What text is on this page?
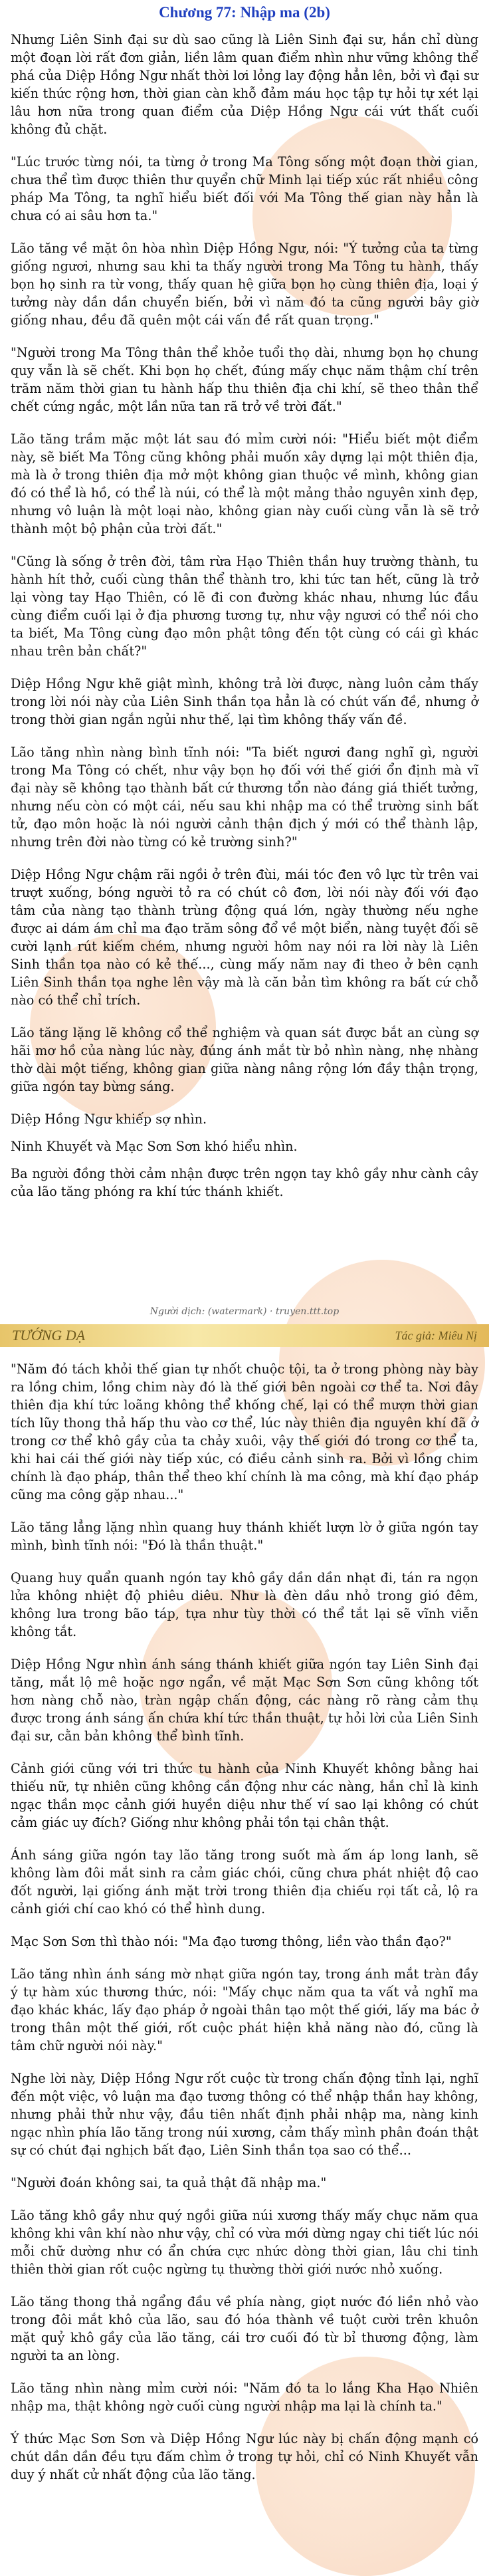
Chương 77: Nhập ma (2b)

Nhưng Liên Sinh đại sư dù sao cũng là Liên Sinh đại sư, hắn chỉ dùng một đoạn lời rất đơn giản, liền lâm quan điểm nhìn như vững không thể phá của Diệp Hồng Ngư nhất thời lơi lỏng lay động hẳn lên, bởi vì đại sư kiến thức rộng hơn, thời gian càn khỗ đảm máu học tập tự hỏi tự xét lại lâu hơn nữa trong quan điểm của Diệp Hồng Ngư cái vứt thất cuối không đủ chặt.

"Lúc trước từng nói, ta từng ở trong Ma Tông sống một đoạn thời gian, chưa thể tìm được thiên thư quyển chữ Minh lại tiếp xúc rất nhiều công pháp Ma Tông, ta nghĩ hiểu biết đối với Ma Tông thế gian này hẳn là chưa có ai sâu hơn ta."

Lão tăng về mặt ôn hòa nhìn Diệp Hồng Ngư, nói: "Ý tưởng của ta từng giống ngươi, nhưng sau khi ta thấy người trong Ma Tông tu hành, thấy bọn họ sinh ra từ vong, thấy quan hệ giữa bọn họ cùng thiên địa, loại ý tưởng này dần dần chuyển biến, bởi vì năm đó ta cũng người bây giờ giống nhau, đều đã quên một cái vấn đề rất quan trọng."

"Người trong Ma Tông thân thể khỏe tuổi thọ dài, nhưng bọn họ chung quy vẫn là sẽ chết. Khi bọn họ chết, đúng mấy chục năm thậm chí trên trăm năm thời gian tu hành hấp thu thiên địa chi khí, sẽ theo thân thể chết cứng ngắc, một lần nữa tan rã trở về trời đất."

Lão tăng trầm mặc một lát sau đó mỉm cười nói: "Hiểu biết một điểm này, sẽ biết Ma Tông cũng không phải muốn xây dựng lại một thiên địa, mà là ở trong thiên địa mở một không gian thuộc về mình, không gian đó có thể là hồ, có thể là núi, có thể là một mảng thảo nguyên xinh đẹp, nhưng vô luận là một loại nào, không gian này cuối cùng vẫn là sẽ trở thành một bộ phận của trời đất."

"Cũng là sống ở trên đời, tâm rừa Hạo Thiên thần huy trường thành, tu hành hít thở, cuối cùng thân thể thành tro, khi tức tan hết, cũng là trở lại vòng tay Hạo Thiên, có lẽ đi con đường khác nhau, nhưng lúc đầu cùng điểm cuối lại ở địa phương tương tự, như vậy ngươi có thể nói cho ta biết, Ma Tông cùng đạo môn phật tông đến tột cùng có cái gì khác nhau trên bản chất?"

Diệp Hồng Ngư khẽ giật mình, không trả lời được, nàng luôn cảm thấy trong lời nói này của Liên Sinh thần tọa hẳn là có chút vấn đề, nhưng ở trong thời gian ngắn ngủi như thế, lại tìm không thấy vấn đề.

Lão tăng nhìn nàng bình tĩnh nói: "Ta biết ngươi đang nghĩ gì, người trong Ma Tông có chết, như vậy bọn họ đối với thế giới ổn định mà vĩ đại này sẽ không tạo thành bất cứ thương tổn nào đáng giá thiết tưởng, nhưng nếu còn có một cái, nếu sau khi nhập ma có thể trường sinh bất tử, đạo môn hoặc là nói người cảnh thận địch ý mới có thể thành lập, nhưng trên đời nào từng có kẻ trường sinh?"

Diệp Hồng Ngư chậm rãi ngồi ở trên đùi, mái tóc đen vô lực từ trên vai trượt xuống, bóng người tỏ ra có chút cô đơn, lời nói này đối với đạo tâm của nàng tạo thành trùng động quá lớn, ngày thường nếu nghe được ai dám ám chỉ ma đạo trăm sông đổ về một biển, nàng tuyệt đối sẽ cười lạnh rút kiếm chém, nhưng người hôm nay nói ra lời này là Liên Sinh thần tọa nào có kẻ thế..., cùng mấy năm nay đi theo ở bên cạnh Liên Sinh thần tọa nghe lên vậy mà là căn bản tìm không ra bất cứ chỗ nào có thể chỉ trích.

Lão tăng lặng lẽ không cổ thể nghiệm và quan sát được bắt an cùng sợ hãi mơ hồ của nàng lúc này, đúng ánh mắt từ bỏ nhìn nàng, nhẹ nhàng thờ dài một tiếng, không gian giữa nàng nâng rộng lớn đầy thận trọng, giữa ngón tay bừng sáng.

Diệp Hồng Ngư khiếp sợ nhìn.

Ninh Khuyết và Mạc Sơn Sơn khó hiểu nhìn.

Ba người đồng thời cảm nhận được trên ngọn tay khô gầy như cành cây của lão tăng phóng ra khí tức thánh khiết.

Người dịch: (watermark) · truyen.ttt.top
TƯỚNG DẠ	Tác giả: Miêu Nị

"Năm đó tách khỏi thế gian tự nhốt chuộc tội, ta ở trong phòng này bày ra lồng chim, lồng chim này đó là thế giới bên ngoài cơ thể ta. Nơi đây thiên địa khí tức loãng không thể khống chế, lại có thể mượn thời gian tích lũy thong thả hấp thu vào cơ thể, lúc này thiên địa nguyên khí đã ở trong cơ thể khô gầy của ta chảy xuôi, vậy thế giới đó trong cơ thể ta, khi hai cái thế giới này tiếp xúc, có điều cảnh sinh ra. Bởi vì lồng chim chính là đạo pháp, thân thể theo khí chính là ma công, mà khí đạo pháp cũng ma công gặp nhau..."

Lão tăng lẳng lặng nhìn quang huy thánh khiết lượn lờ ở giữa ngón tay mình, bình tĩnh nói: "Đó là thần thuật."

Quang huy quẩn quanh ngón tay khô gầy dần dần nhạt đi, tán ra ngọn lửa không nhiệt độ phiêu diêu. Như là đèn dầu nhỏ trong gió đêm, không lưa trong bão táp, tựa như tùy thời có thể tắt lại sẽ vĩnh viễn không tắt.

Diệp Hồng Ngư nhìn ánh sáng thánh khiết giữa ngón tay Liên Sinh đại tăng, mắt lộ mê hoặc ngơ ngẩn, về mặt Mạc Sơn Sơn cũng không tốt hơn nàng chỗ nào, tràn ngập chấn động, các nàng rõ ràng cảm thụ được trong ánh sáng ấn chứa khí tức thần thuật, tự hỏi lời của Liên Sinh đại sư, cằn bản không thể bình tĩnh.

Cảnh giới cũng với tri thức tu hành của Ninh Khuyết không bằng hai thiếu nữ, tự nhiên cũng không cần động như các nàng, hắn chỉ là kinh ngạc thần mọc cảnh giới huyền diệu như thế ví sao lại không có chút cảm giác uy đích? Giống như không phải tồn tại chân thật.

Ánh sáng giữa ngón tay lão tăng trong suốt mà ấm áp long lanh, sẽ không làm đôi mắt sinh ra cảm giác chói, cũng chưa phát nhiệt độ cao đốt người, lại giống ánh mặt trời trong thiên địa chiếu rọi tất cả, lộ ra cảnh giới chí cao khó có thể hình dung.

Mạc Sơn Sơn thì thào nói: "Ma đạo tương thông, liền vào thần đạo?"

Lão tăng nhìn ánh sáng mờ nhạt giữa ngón tay, trong ánh mắt tràn đầy ý tự hàm xúc thương thức, nói: "Mấy chục năm qua ta vất vả nghĩ ma đạo khác khác, lấy đạo pháp ở ngoài thân tạo một thế giới, lấy ma bác ở trong thân một thế giới, rốt cuộc phát hiện khả năng nào đó, cũng là tâm chữ người nói này."

Nghe lời này, Diệp Hồng Ngư rốt cuộc từ trong chấn động tỉnh lại, nghĩ đến một việc, vô luận ma đạo tương thông có thể nhập thần hay không, nhưng phải thử như vậy, đầu tiên nhất định phải nhập ma, nàng kinh ngạc nhìn phía lão tăng trong núi xương, cảm thấy mình phân đoán thật sự có chút đại nghịch bất đạo, Liên Sinh thần tọa sao có thể...

"Người đoán không sai, ta quả thật đã nhập ma."

Lão tăng khô gầy như quý ngồi giữa núi xương thấy mấy chục năm qua không khi vân khí nào như vậy, chỉ có vừa mới dừng ngay chi tiết lúc nói mỗi chữ dường như có ẩn chứa cực nhức dòng thời gian, lâu chi tinh thiên thời gian rốt cuộc ngừng tụ thường thời giới nước nhỏ xuống.

Lão tăng thong thả ngẩng đầu về phía nàng, giọt nước đó liền nhỏ vào trong đôi mắt khô của lão, sau đó hóa thành về tuột cười trên khuôn mặt quỷ khô gầy của lão tăng, cái trơ cuối đó từ bỉ thương động, làm người ta an lòng.

Lão tăng nhìn nàng mỉm cười nói: "Năm đó ta lo lắng Kha Hạo Nhiên nhập ma, thật không ngờ cuối cùng người nhập ma lại là chính ta."

Ý thức Mạc Sơn Sơn và Diệp Hồng Ngư lúc này bị chấn động mạnh có chút dần dần đều tựu đấm chìm ở trong tự hỏi, chỉ có Ninh Khuyết vẫn duy ý nhất cử nhất động của lão tăng.
